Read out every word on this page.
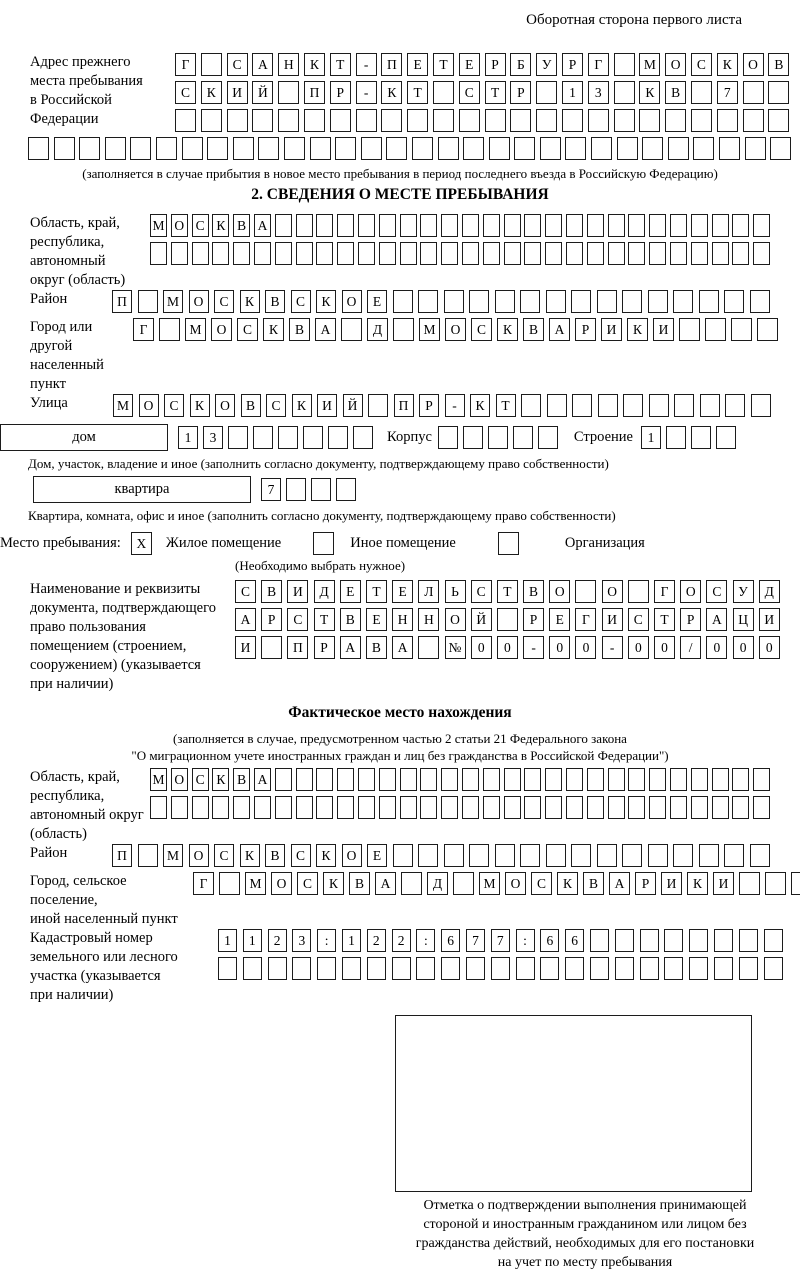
Оборотная сторона первого листа
Адрес прежнего
места пребывания
в Российской
Федерации
Г	С	А	Н	К	Т	-	П	Е	Т	Е	Р	Б	У	Р	Г	М	О	С	К	О	В
С	К	И	Й	П	Р	-	К	Т	С	Т	Р	1	3	К	В	7
(заполняется в случае прибытия в новое место пребывания в период последнего въезда в Российскую Федерацию)
2. СВЕДЕНИЯ О МЕСТЕ ПРЕБЫВАНИЯ
Область, край,
республика,
автономный
округ (область)
М О С К В А
Район	П	М	О	С	К	В	С	К	О	Е
Город или другой
населенный пункт
Г	М	О	С	К	В	А	Д	М	О	С	К	В	А	Р	И	К	И
Улица	М	О	С	К	О	В	С	К	И	Й	П	Р	-	К	Т
дом	1	3	Корпус	Строение	1
Дом, участок, владение и иное (заполнить согласно документу, подтверждающему право собственности)
квартира	7
Квартира, комната, офис и иное (заполнить согласно документу, подтверждающему право собственности)
Место пребывания:	X	Жилое помещение	Иное помещение	Организация
(Необходимо выбрать нужное)
Наименование и реквизиты
документа, подтверждающего
право пользования
помещением (строением,
сооружением) (указывается
при наличии)
С	В	И	Д	Е	Т	Е	Л	Ь	С	Т	В	О	О	Г	О	С	У	Д
А	Р	С	Т	В	Е	Н	Н	О	Й	Р	Е	Г	И	С	Т	Р	А	Ц	И
И	П	Р	А	В	А	№	0	0	-	0	0	-	0	0	/	0	0	0
Фактическое место нахождения
(заполняется в случае, предусмотренном частью 2 статьи 21 Федерального закона
"О миграционном учете иностранных граждан и лиц без гражданства в Российской Федерации")
Область, край,
республика,
автономный округ
(область)
М О С К В А
Район	П	М	О	С	К	В	С	К	О	Е
Город, сельское поселение,
иной населенный пункт
Г	М	О	С	К	В	А	Д	М	О	С	К	В	А	Р	И	К	И
Кадастровый номер
земельного или лесного
участка (указывается
при наличии)
1	1	2	3	:	1	2	2	:	6	7	7	:	6	6
Отметка о подтверждении выполнения принимающей
стороной и иностранным гражданином или лицом без
гражданства действий, необходимых для его постановки
на учет по месту пребывания
